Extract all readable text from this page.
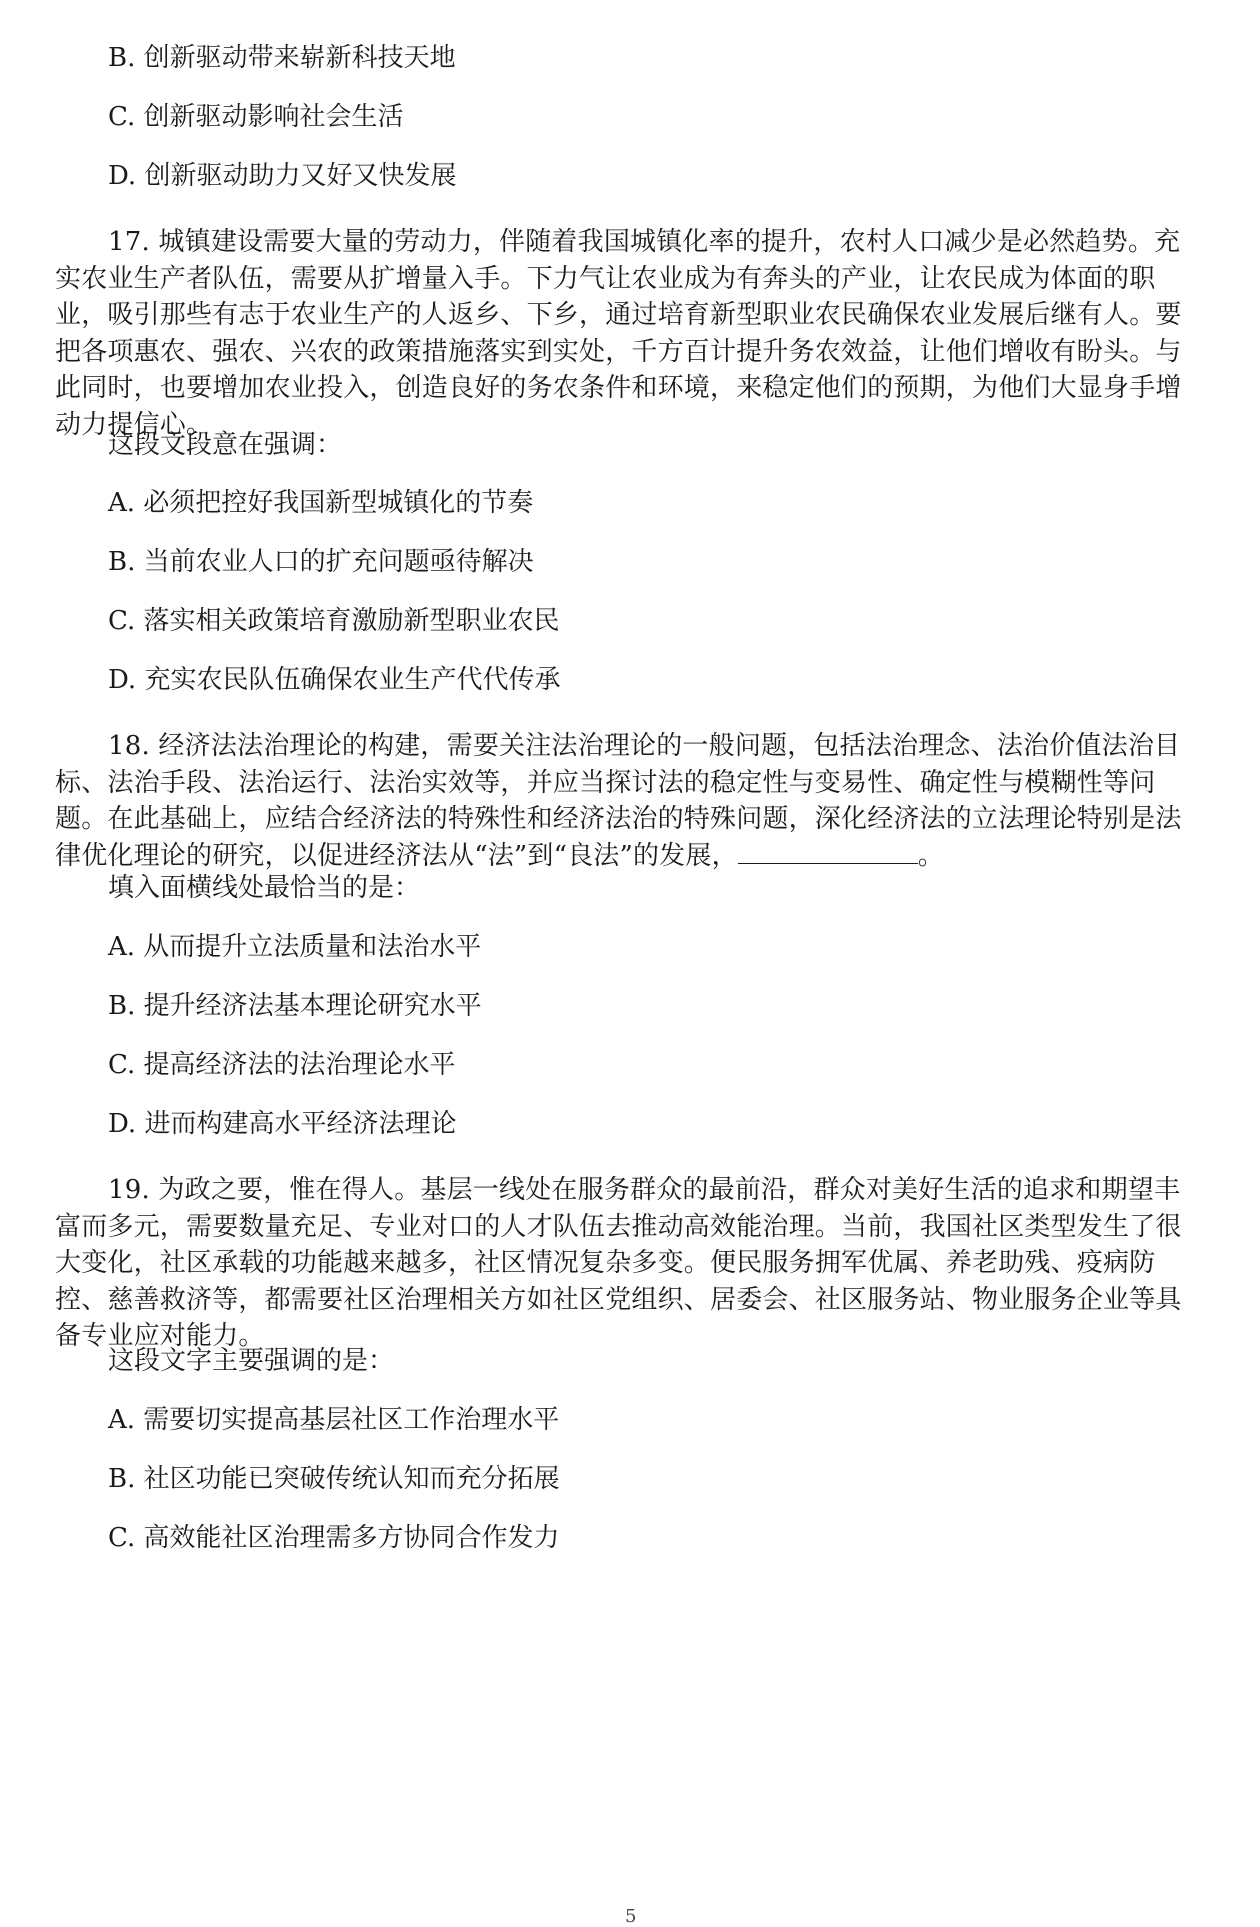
B. 创新驱动带来崭新科技天地
C. 创新驱动影响社会生活
D. 创新驱动助力又好又快发展
17. 城镇建设需要大量的劳动力，伴随着我国城镇化率的提升，农村人口减少是必然趋势。充实农业生产者队伍，需要从扩增量入手。下力气让农业成为有奔头的产业，让农民成为体面的职业，吸引那些有志于农业生产的人返乡、下乡，通过培育新型职业农民确保农业发展后继有人。要把各项惠农、强农、兴农的政策措施落实到实处，千方百计提升务农效益，让他们增收有盼头。与此同时，也要增加农业投入，创造良好的务农条件和环境，来稳定他们的预期，为他们大显身手增动力提信心。
这段文段意在强调：
A. 必须把控好我国新型城镇化的节奏
B. 当前农业人口的扩充问题亟待解决
C. 落实相关政策培育激励新型职业农民
D. 充实农民队伍确保农业生产代代传承
18. 经济法法治理论的构建，需要关注法治理论的一般问题，包括法治理念、法治价值法治目标、法治手段、法治运行、法治实效等，并应当探讨法的稳定性与变易性、确定性与模糊性等问题。在此基础上，应结合经济法的特殊性和经济法治的特殊问题，深化经济法的立法理论特别是法律优化理论的研究，以促进经济法从“法”到“良法”的发展，	。
填入面横线处最恰当的是：
A. 从而提升立法质量和法治水平
B. 提升经济法基本理论研究水平
C. 提高经济法的法治理论水平
D. 进而构建高水平经济法理论
19. 为政之要，惟在得人。基层一线处在服务群众的最前沿，群众对美好生活的追求和期望丰富而多元，需要数量充足、专业对口的人才队伍去推动高效能治理。当前，我国社区类型发生了很大变化，社区承载的功能越来越多，社区情况复杂多变。便民服务拥军优属、养老助残、疫病防控、慈善救济等，都需要社区治理相关方如社区党组织、居委会、社区服务站、物业服务企业等具备专业应对能力。
这段文字主要强调的是：
A. 需要切实提高基层社区工作治理水平
B. 社区功能已突破传统认知而充分拓展
C. 高效能社区治理需多方协同合作发力
5
